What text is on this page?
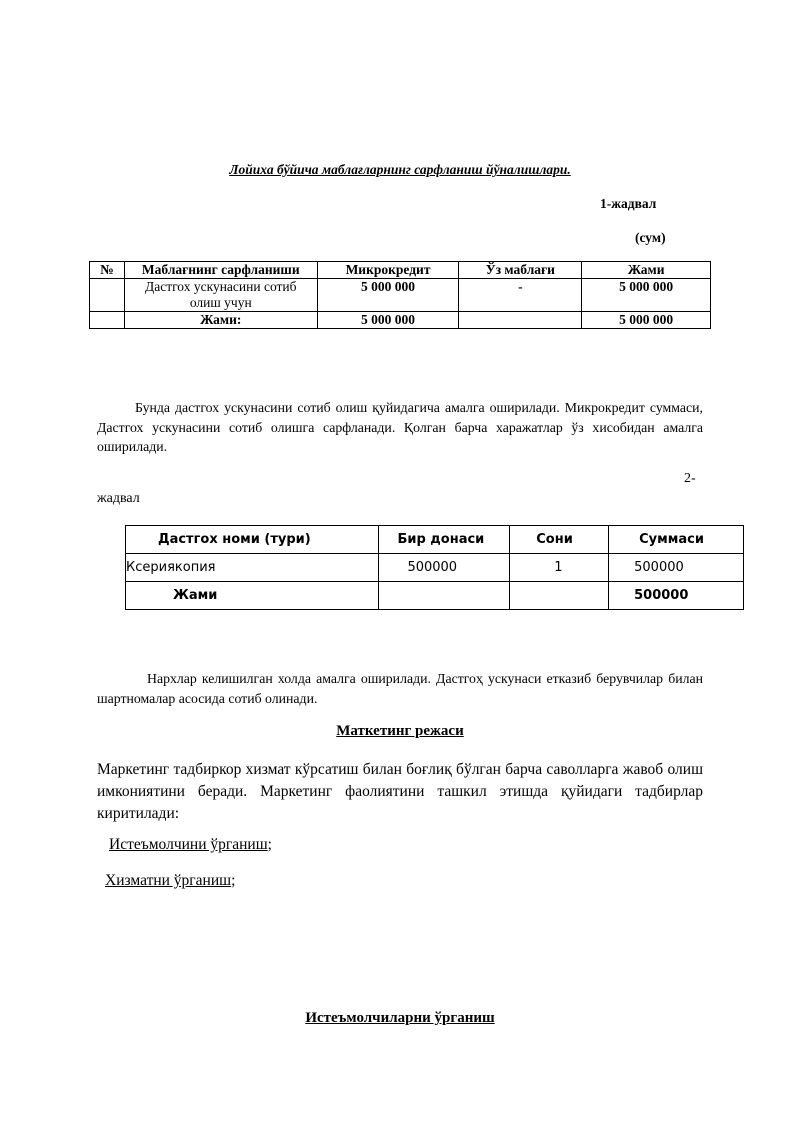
Лойиха бўйича маблағларнинг сарфланиш йўналишлари.
1-жадвал
(сум)
№	Маблағнинг сарфланиши	Микрокредит	Ўз маблағи	Жами
	Дастгох ускунасини сотиб олиш учун	5 000 000	-	5 000 000
	Жами:	5 000 000		5 000 000
Бунда дастгох ускунасини сотиб олиш қуйидагича амалга оширилади. Микрокредит суммаси, Дастгох ускунасини сотиб олишга сарфланади. Қолган барча харажатлар ўз хисобидан амалга оширилади.
2-
жадвал
Дастгох номи (тури)	Бир донаси	Сони	Суммаси
Ксериякопия	500000	1	500000
Жами			500000
Нархлар келишилган холда амалга оширилади. Дастгоҳ ускунаси етказиб берувчилар билан шартномалар асосида сотиб олинади.
Маткетинг режаси
Маркетинг тадбиркор хизмат кўрсатиш билан боғлиқ бўлган барча саволларга жавоб олиш имкониятини беради. Маркетинг фаолиятини ташкил этишда қуйидаги тадбирлар киритилади:
Истеъмолчини ўрганиш;
Хизматни ўрганиш;
Истеъмолчиларни ўрганиш
